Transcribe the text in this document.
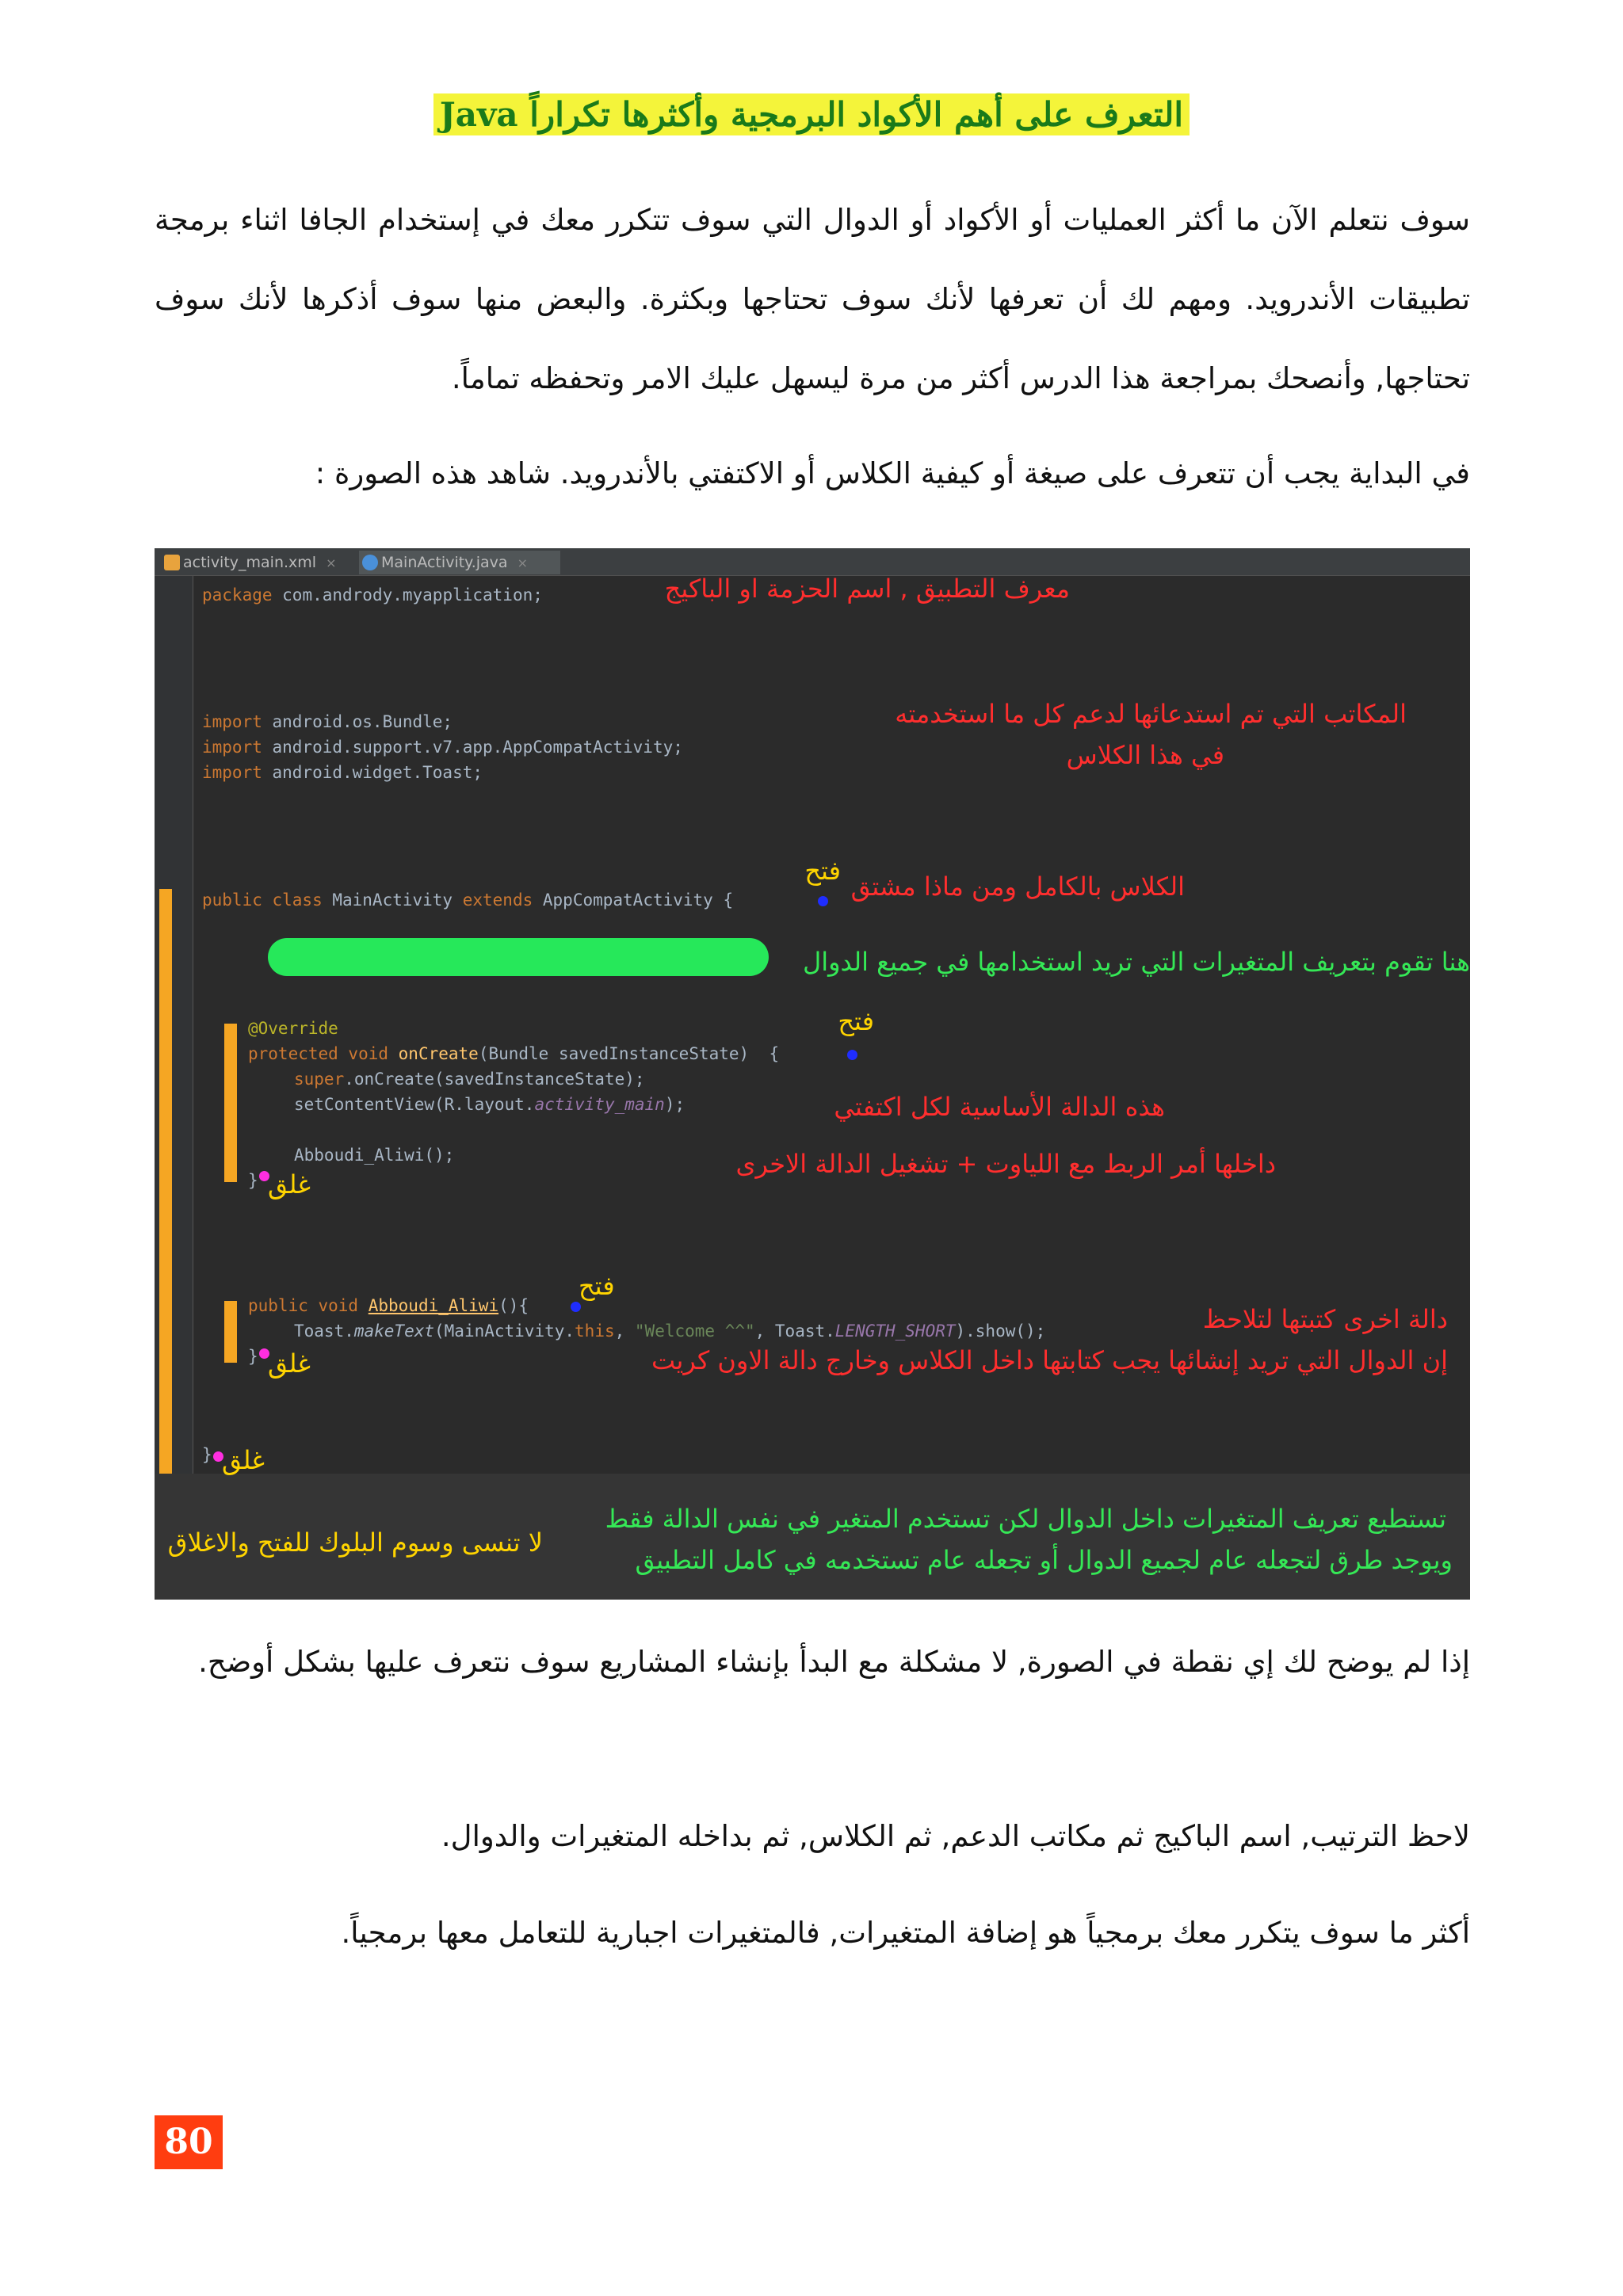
التعرف على أهم الأكواد البرمجية وأكثرها تكراراً Java
سوف نتعلم الآن ما أكثر العمليات أو الأكواد أو الدوال التي سوف تتكرر معك في إستخدام الجافا اثناء برمجة تطبيقات الأندرويد. ومهم لك أن تعرفها لأنك سوف تحتاجها وبكثرة. والبعض منها سوف أذكرها لأنك سوف تحتاجها, وأنصحك بمراجعة هذا الدرس أكثر من مرة ليسهل عليك الامر وتحفظه تماماً.
في البداية يجب أن تتعرف على صيغة أو كيفية الكلاس أو الاكتفتي بالأندرويد. شاهد هذه الصورة :
activity_main.xml ×	MainActivity.java ×
package com.andrody.myapplication;
import android.os.Bundle;
import android.support.v7.app.AppCompatActivity;
import android.widget.Toast;
public class MainActivity extends AppCompatActivity {
@Override
protected void onCreate(Bundle savedInstanceState)  {
super.onCreate(savedInstanceState);
setContentView(R.layout.activity_main);
Abboudi_Aliwi();
}
public void Abboudi_Aliwi(){
Toast.makeText(MainActivity.this, "Welcome ^^", Toast.LENGTH_SHORT).show();
}
}
معرف التطبيق , اسم الحزمة او الباكيج
المكاتب التي تم استدعائها لدعم كل ما استخدمته
في هذا الكلاس
فتح
الكلاس بالكامل ومن ماذا مشتق
هنا تقوم بتعريف المتغيرات التي تريد استخدامها في جميع الدوال
فتح
هذه الدالة الأساسية لكل اكتفتي
داخلها أمر الربط مع اللياوت + تشغيل الدالة الاخرى
غلق
فتح
دالة اخرى كتبتها لتلاحظ
إن الدوال التي تريد إنشائها يجب كتابتها داخل الكلاس وخارج دالة الاون كريت
غلق
غلق
تستطيع تعريف المتغيرات داخل الدوال لكن تستخدم المتغير في نفس الدالة فقط
ويوجد طرق لتجعله عام لجميع الدوال أو تجعله عام تستخدمه في كامل التطبيق
لا تنسى وسوم البلوك للفتح والاغلاق
إذا لم يوضح لك إي نقطة في الصورة, لا مشكلة مع البدأ بإنشاء المشاريع سوف نتعرف عليها بشكل أوضح.
لاحظ الترتيب, اسم الباكيج ثم مكاتب الدعم, ثم الكلاس, ثم بداخله المتغيرات والدوال.
أكثر ما سوف يتكرر معك برمجياً هو إضافة المتغيرات, فالمتغيرات اجبارية للتعامل معها برمجياً.
80
